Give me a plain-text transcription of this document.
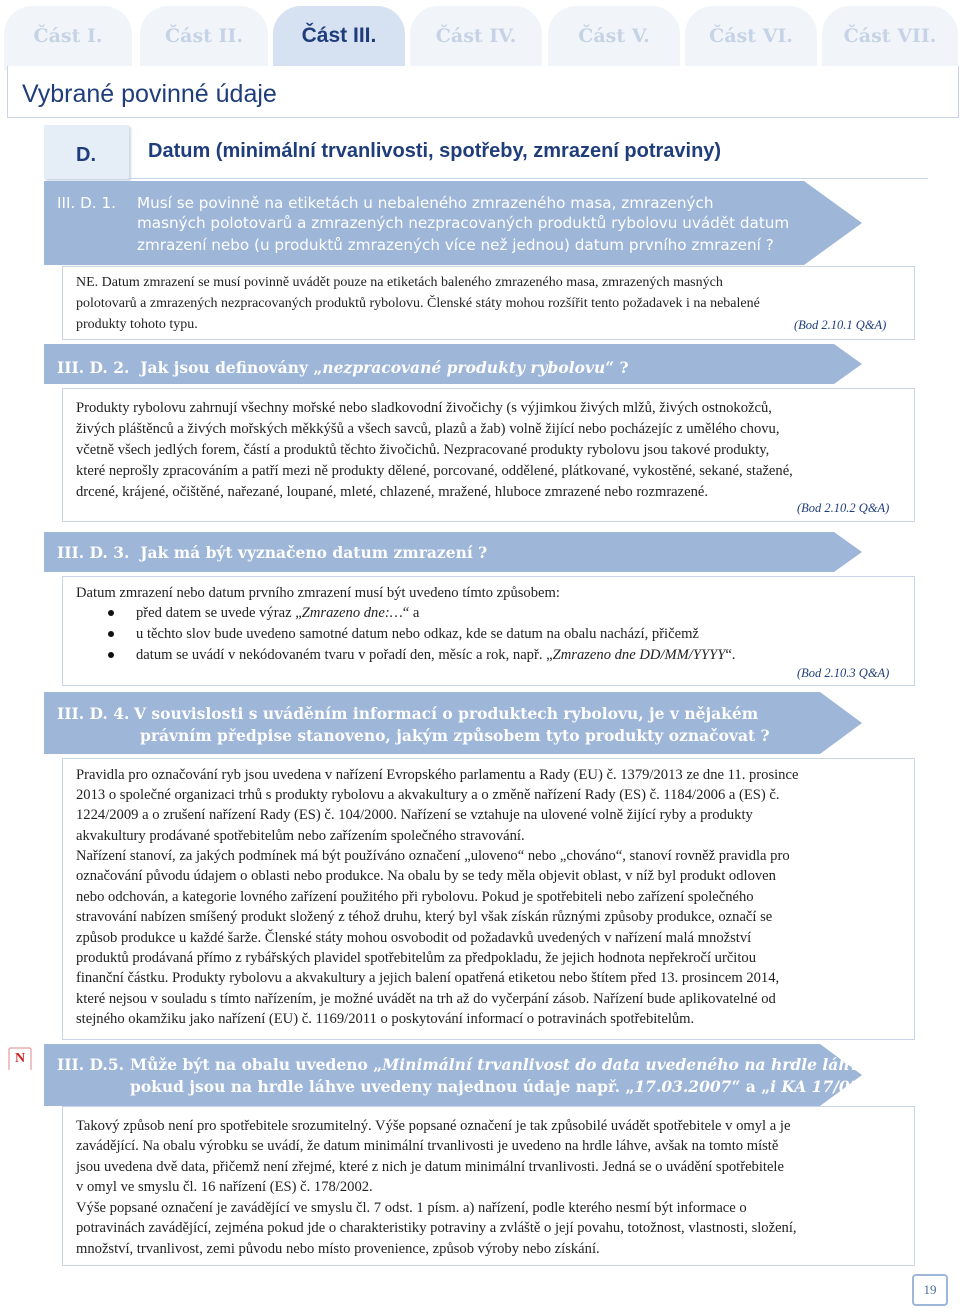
Část I.	Část II.	Část III.	Část IV.	Část V.	Část VI.	Část VII.
Vybrané povinné údaje
D.	Datum (minimální trvanlivosti, spotřeby, zmrazení potraviny)
III. D. 1.	Musí se povinně na etiketách u nebaleného zmrazeného masa, zmrazených
masných polotovarů a zmrazených nezpracovaných produktů rybolovu uvádět datum
zmrazení nebo (u produktů zmrazených více než jednou) datum prvního zmrazení ?
NE. Datum zmrazení se musí povinně uvádět pouze na etiketách baleného zmrazeného masa, zmrazených masných
polotovarů a zmrazených nezpracovaných produktů rybolovu. Členské státy mohou rozšířit tento požadavek i na nebalené
produkty tohoto typu.	(Bod 2.10.1 Q&A)
III. D. 2. Jak jsou definovány „nezpracované produkty rybolovu“ ?
Produkty rybolovu zahrnují všechny mořské nebo sladkovodní živočichy (s výjimkou živých mlžů, živých ostnokožců,
živých pláštěnců a živých mořských měkkýšů a všech savců, plazů a žab) volně žijící nebo pocházejíc z umělého chovu,
včetně všech jedlých forem, částí a produktů těchto živočichů. Nezpracované produkty rybolovu jsou takové produkty,
které neprošly zpracováním a patří mezi ně produkty dělené, porcované, oddělené, plátkované, vykostěné, sekané, stažené,
drcené, krájené, očištěné, nařezané, loupané, mleté, chlazené, mražené, hluboce zmrazené nebo rozmrazené.
(Bod 2.10.2 Q&A)
III. D. 3. Jak má být vyznačeno datum zmrazení ?
Datum zmrazení nebo datum prvního zmrazení musí být uvedeno tímto způsobem:
před datem se uvede výraz „Zmrazeno dne:…“ a
u těchto slov bude uvedeno samotné datum nebo odkaz, kde se datum na obalu nachází, přičemž
datum se uvádí v nekódovaném tvaru v pořadí den, měsíc a rok, např. „Zmrazeno dne DD/MM/YYYY“.
(Bod 2.10.3 Q&A)
III. D. 4. V souvislosti s uváděním informací o produktech rybolovu, je v nějakém
právním předpise stanoveno, jakým způsobem tyto produkty označovat ?
Pravidla pro označování ryb jsou uvedena v nařízení Evropského parlamentu a Rady (EU) č. 1379/2013 ze dne 11. prosince
2013 o společné organizaci trhů s produkty rybolovu a akvakultury a o změně nařízení Rady (ES) č. 1184/2006 a (ES) č.
1224/2009 a o zrušení nařízení Rady (ES) č. 104/2000. Nařízení se vztahuje na ulovené volně žijící ryby a produkty
akvakultury prodávané spotřebitelům nebo zařízením společného stravování.
Nařízení stanoví, za jakých podmínek má být používáno označení „uloveno“ nebo „chováno“, stanoví rovněž pravidla pro
označování původu údajem o oblasti nebo produkce. Na obalu by se tedy měla objevit oblast, v níž byl produkt odloven
nebo odchován, a kategorie lovného zařízení použitého při rybolovu. Pokud je spotřebiteli nebo zařízení společného
stravování nabízen smíšený produkt složený z téhož druhu, který byl však získán různými způsoby produkce, označí se
způsob produkce u každé šarže. Členské státy mohou osvobodit od požadavků uvedených v nařízení malá množství
produktů prodávaná přímo z rybářských plavidel spotřebitelům za předpokladu, že jejich hodnota nepřekročí určitou
finanční částku. Produkty rybolovu a akvakultury a jejich balení opatřená etiketou nebo štítem před 13. prosincem 2014,
které nejsou v souladu s tímto nařízením, je možné uvádět na trh až do vyčerpání zásob. Nařízení bude aplikovatelné od
stejného okamžiku jako nařízení (EU) č. 1169/2011 o poskytování informací o potravinách spotřebitelům.
N	III. D.5. Může být na obalu uvedeno „Minimální trvanlivost do data uvedeného na hrdle láhve“,
pokud jsou na hrdle láhve uvedeny najednou údaje např. „17.03.2007“ a „i KA 17/03/08“ ?
Takový způsob není pro spotřebitele srozumitelný. Výše popsané označení je tak způsobilé uvádět spotřebitele v omyl a je
zavádějící. Na obalu výrobku se uvádí, že datum minimální trvanlivosti je uvedeno na hrdle láhve, avšak na tomto místě
jsou uvedena dvě data, přičemž není zřejmé, které z nich je datum minimální trvanlivosti. Jedná se o uvádění spotřebitele
v omyl ve smyslu čl. 16 nařízení (ES) č. 178/2002.
Výše popsané označení je zavádějící ve smyslu čl. 7 odst. 1 písm. a) nařízení, podle kterého nesmí být informace o
potravinách zavádějící, zejména pokud jde o charakteristiky potraviny a zvláště o její povahu, totožnost, vlastnosti, složení,
množství, trvanlivost, zemi původu nebo místo provenience, způsob výroby nebo získání.
19
